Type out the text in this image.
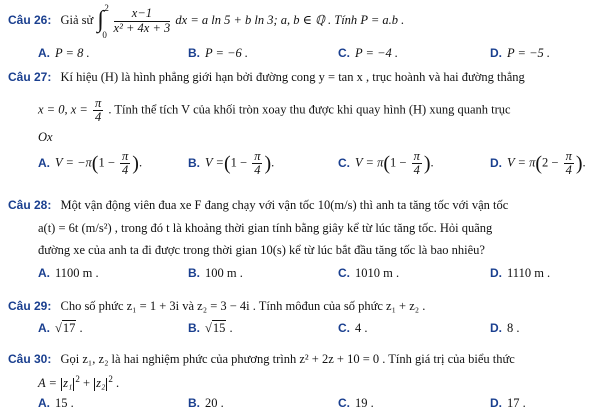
Câu 26: Giả sử ∫ 2
0

$\frac{x-1}{\text{x² + 4x + 3}}$ dx = a ln 5 + b ln 3; a, b ∈ ℚ . Tính P = a.b .
A. P = 8 .	B. P = −6 .	C. P = −4 .	D. P = −5 .
Câu 27: Kí hiệu (H) là hình phẳng giới hạn bởi đường cong y = tan x , trục hoành và hai đường thẳng
x = 0, $x = \frac{\pi}{4}$ . Tính thể tích V của khối tròn xoay thu được khi quay hình (H) xung quanh trục
Ox
A. $V = -\pi(1 - \frac{\pi}{4}$ ).	B. $V =(1 - \frac{\pi}{4}$ ).	C. $V = \pi(1 - \frac{\pi}{4}$ ).	D. $V = \pi(2 - \frac{\pi}{4}$ ).
Câu 28: Một vận động viên đua xe F đang chạy với vận tốc 10(m/s) thì anh ta tăng tốc với vận tốc
a(t) = 6t (m/s²) , trong đó t là khoảng thời gian tính bằng giây kể từ lúc tăng tốc. Hỏi quãng
đường xe của anh ta đi được trong thời gian 10(s) kể từ lúc bắt đầu tăng tốc là bao nhiêu?
A. 1100 m .	B. 100 m .	C. 1010 m .	D. 1110 m .
Câu 29: Cho số phức z₁ = 1 + 3i và z₂ = 3 − 4i . Tính môđun của số phức z₁ + z₂ .
A. √17 .	B. √15 .	C. 4 .	D. 8 .
Câu 30: Gọi z₁, z₂ là hai nghiệm phức của phương trình z² + 2z + 10 = 0 . Tính giá trị của biểu thức
A = z₁ $^2$ + z₂ $^2$ .
A. 15 .	B. 20 .	C. 19 .	D. 17 .
